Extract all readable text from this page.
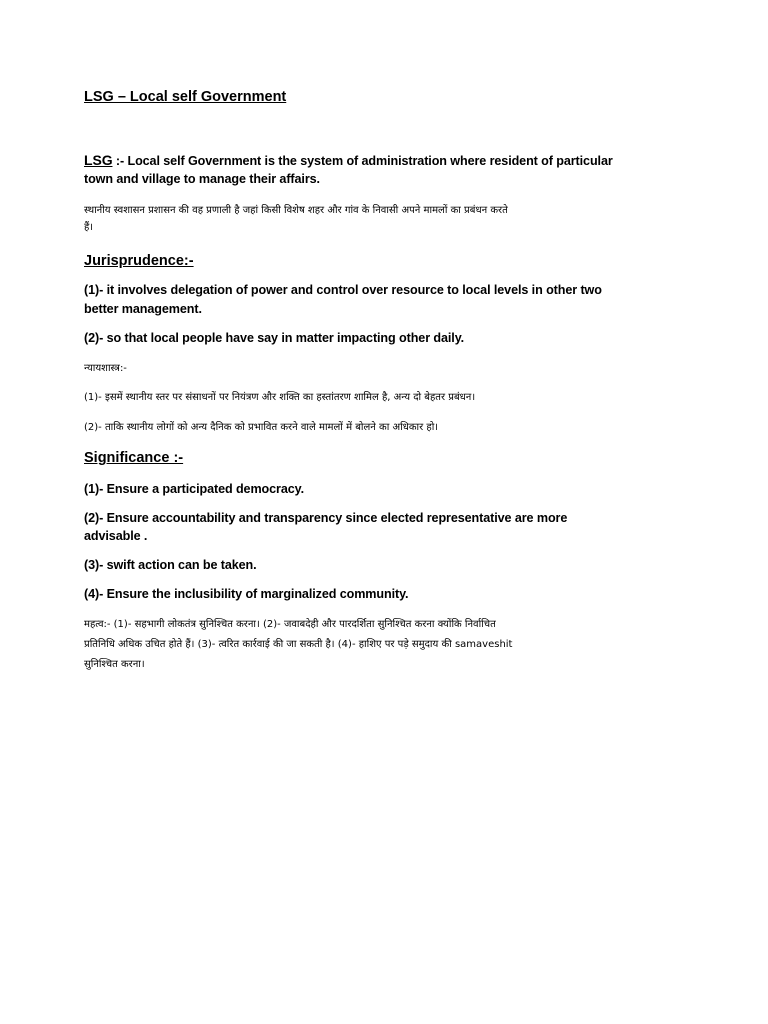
LSG – Local self Government
LSG :- Local self Government is the system of administration where resident of particular
town and village to manage their affairs.
स्थानीय स्वशासन प्रशासन की वह प्रणाली है जहां किसी विशेष शहर और गांव के निवासी अपने मामलों का प्रबंधन करते
हैं।
Jurisprudence:-
(1)- it involves delegation of power and control over resource to local levels in other two
better management.
(2)- so that local people have say in matter impacting other daily.
न्यायशास्त्र:-
(1)- इसमें स्थानीय स्तर पर संसाधनों पर नियंत्रण और शक्ति का हस्तांतरण शामिल है, अन्य दो बेहतर प्रबंधन।
(2)- ताकि स्थानीय लोगों को अन्य दैनिक को प्रभावित करने वाले मामलों में बोलने का अधिकार हो।
Significance :-
(1)- Ensure a participated democracy.
(2)- Ensure accountability and transparency since elected representative are more
advisable .
(3)- swift action can be taken.
(4)- Ensure the inclusibility of marginalized community.
महत्व:- (1)- सहभागी लोकतंत्र सुनिश्चित करना। (2)- जवाबदेही और पारदर्शिता सुनिश्चित करना क्योंकि निर्वाचित
प्रतिनिधि अधिक उचित होते हैं। (3)- त्वरित कार्रवाई की जा सकती है। (4)- हाशिए पर पड़े समुदाय की samaveshit
सुनिश्चित करना।
